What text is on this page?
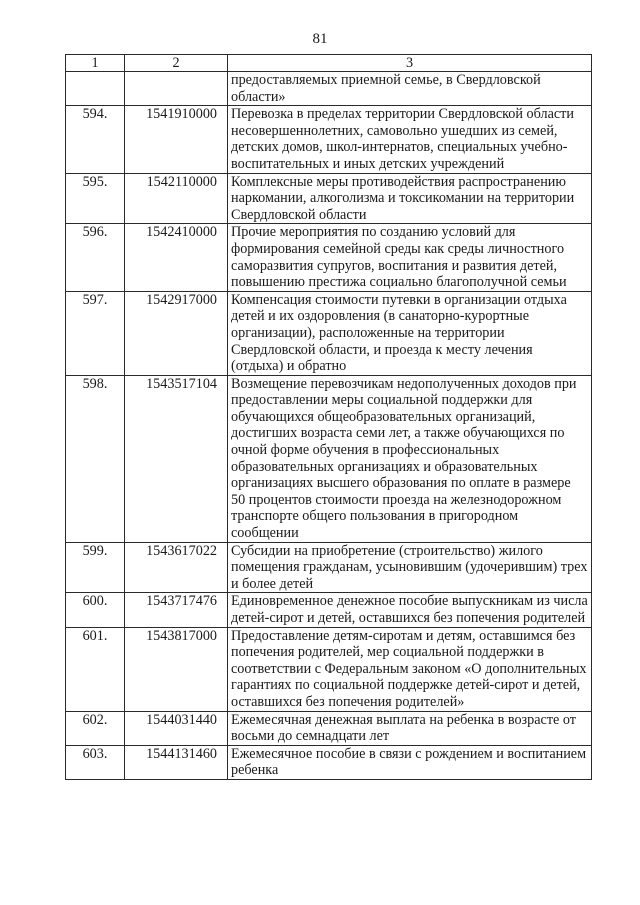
81
1	2	3
		предоставляемых приемной семье, в Свердловской области»
594.	1541910000	Перевозка в пределах территории Свердловской области несовершеннолетних, самовольно ушедших из семей, детских домов, школ-интернатов, специальных учебно-воспитательных и иных детских учреждений
595.	1542110000	Комплексные меры противодействия распространению наркомании, алкоголизма и токсикомании на территории Свердловской области
596.	1542410000	Прочие мероприятия по созданию условий для формирования семейной среды как среды личностного саморазвития супругов, воспитания и развития детей, повышению престижа социально благополучной семьи
597.	1542917000	Компенсация стоимости путевки в организации отдыха детей и их оздоровления (в санаторно-курортные организации), расположенные на территории Свердловской области, и проезда к месту лечения (отдыха) и обратно
598.	1543517104	Возмещение перевозчикам недополученных доходов при предоставлении меры социальной поддержки для обучающихся общеобразовательных организаций, достигших возраста семи лет, а также обучающихся по очной форме обучения в профессиональных образовательных организациях и образовательных организациях высшего образования по оплате в размере 50 процентов стоимости проезда на железнодорожном транспорте общего пользования в пригородном сообщении
599.	1543617022	Субсидии на приобретение (строительство) жилого помещения гражданам, усыновившим (удочерившим) трех и более детей
600.	1543717476	Единовременное денежное пособие выпускникам из числа детей-сирот и детей, оставшихся без попечения родителей
601.	1543817000	Предоставление детям-сиротам и детям, оставшимся без попечения родителей, мер социальной поддержки в соответствии с Федеральным законом «О дополнительных гарантиях по социальной поддержке детей-сирот и детей, оставшихся без попечения родителей»
602.	1544031440	Ежемесячная денежная выплата на ребенка в возрасте от восьми до семнадцати лет
603.	1544131460	Ежемесячное пособие в связи с рождением и воспитанием ребенка
